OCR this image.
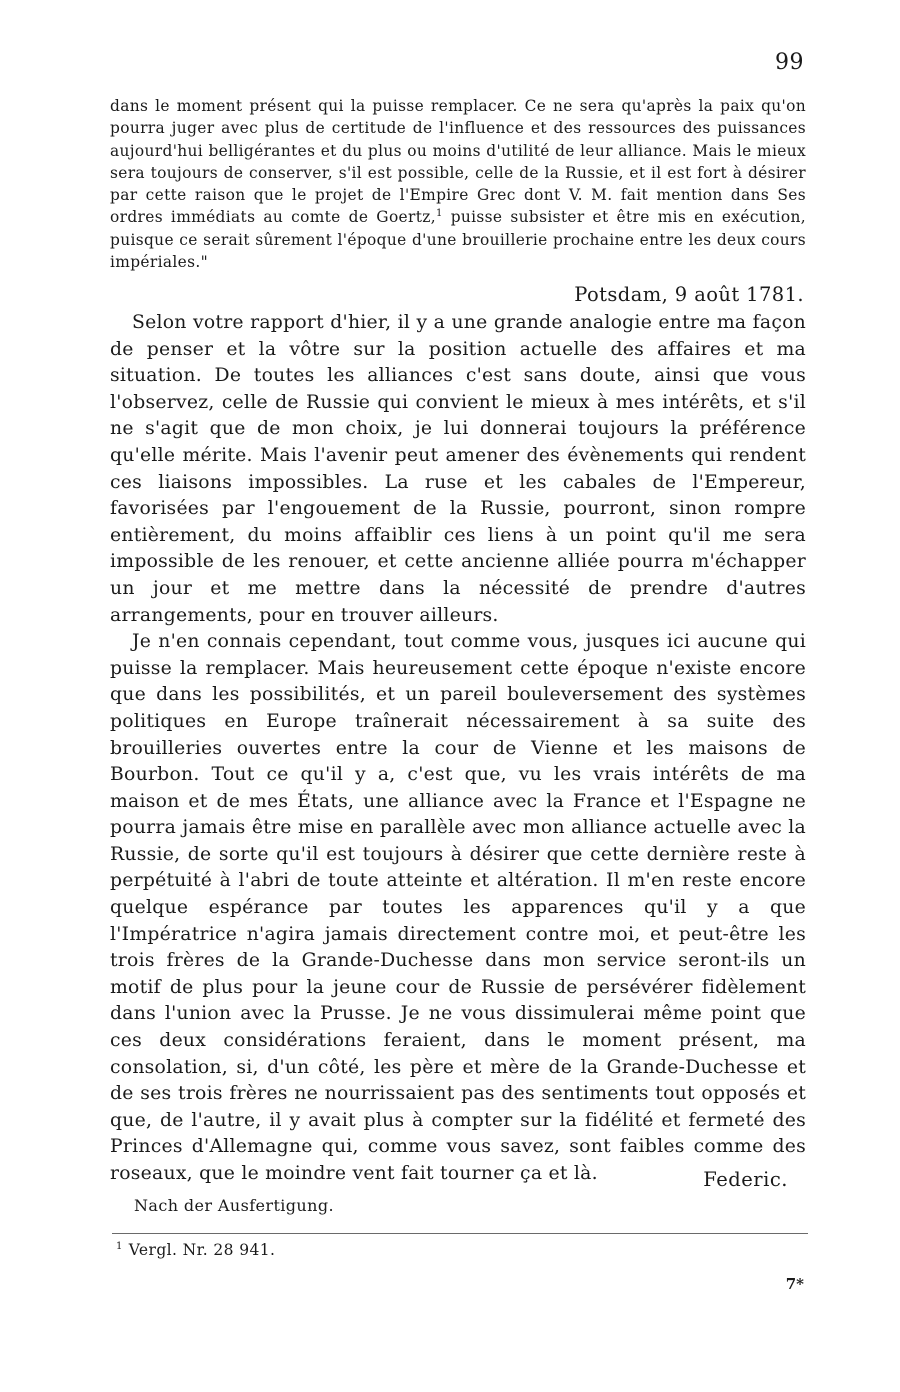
99

dans le moment présent qui la puisse remplacer. Ce ne sera qu'après la paix qu'on pourra juger avec plus de certitude de l'influence et des ressources des puissances aujourd'hui belligérantes et du plus ou moins d'utilité de leur alliance. Mais le mieux sera toujours de conserver, s'il est possible, celle de la Russie, et il est fort à désirer par cette raison que le projet de l'Empire Grec dont V. M. fait mention dans Ses ordres immédiats au comte de Goertz,$^1$ puisse subsister et être mis en exécution, puisque ce serait sûrement l'époque d'une brouillerie prochaine entre les deux cours impériales."

Potsdam, 9 août 1781.

Selon votre rapport d'hier, il y a une grande analogie entre ma façon de penser et la vôtre sur la position actuelle des affaires et ma situation. De toutes les alliances c'est sans doute, ainsi que vous l'observez, celle de Russie qui convient le mieux à mes intérêts, et s'il ne s'agit que de mon choix, je lui donnerai toujours la préférence qu'elle mérite. Mais l'avenir peut amener des évènements qui rendent ces liaisons impossibles. La ruse et les cabales de l'Empereur, favorisées par l'engouement de la Russie, pourront, sinon rompre entièrement, du moins affaiblir ces liens à un point qu'il me sera impossible de les renouer, et cette ancienne alliée pourra m'échapper un jour et me mettre dans la nécessité de prendre d'autres arrangements, pour en trouver ailleurs.

Je n'en connais cependant, tout comme vous, jusques ici aucune qui puisse la remplacer. Mais heureusement cette époque n'existe encore que dans les possibilités, et un pareil bouleversement des systèmes politiques en Europe traînerait nécessairement à sa suite des brouilleries ouvertes entre la cour de Vienne et les maisons de Bourbon. Tout ce qu'il y a, c'est que, vu les vrais intérêts de ma maison et de mes États, une alliance avec la France et l'Espagne ne pourra jamais être mise en parallèle avec mon alliance actuelle avec la Russie, de sorte qu'il est toujours à désirer que cette dernière reste à perpétuité à l'abri de toute atteinte et altération. Il m'en reste encore quelque espérance par toutes les apparences qu'il y a que l'Impératrice n'agira jamais directement contre moi, et peut-être les trois frères de la Grande-Duchesse dans mon service seront-ils un motif de plus pour la jeune cour de Russie de persévérer fidèlement dans l'union avec la Prusse. Je ne vous dissimulerai même point que ces deux considérations feraient, dans le moment présent, ma consolation, si, d'un côté, les père et mère de la Grande-Duchesse et de ses trois frères ne nourrissaient pas des sentiments tout opposés et que, de l'autre, il y avait plus à compter sur la fidélité et fermeté des Princes d'Allemagne qui, comme vous savez, sont faibles comme des roseaux, que le moindre vent fait tourner ça et là.	Federic.
Nach der Ausfertigung.
$^1$ Vergl. Nr. 28 941.
7*
